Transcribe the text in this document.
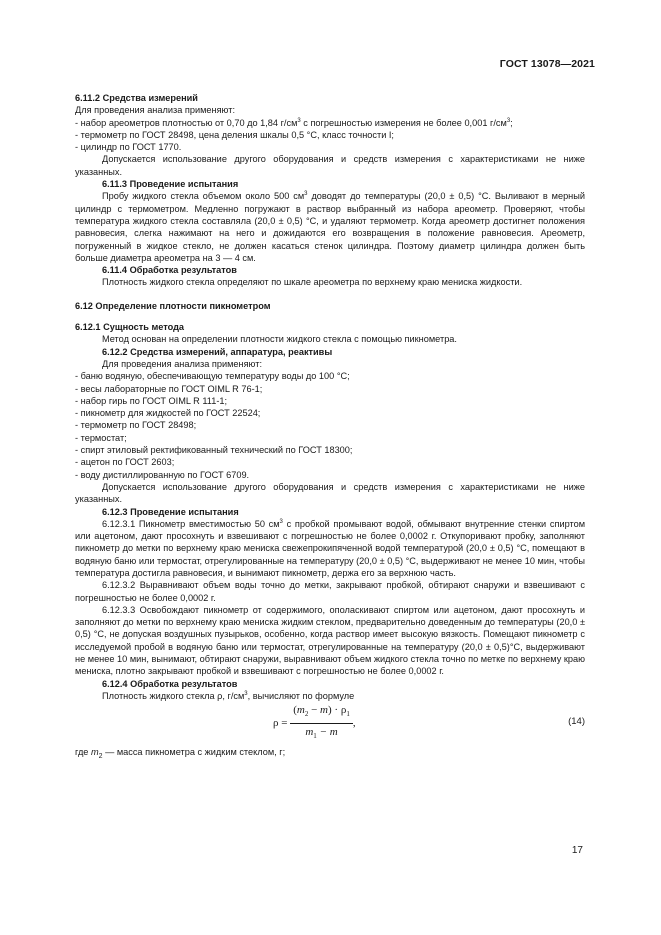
ГОСТ 13078—2021

6.11.2 Средства измерений

Для проведения анализа применяют:

- набор ареометров плотностью от 0,70 до 1,84 $г/см^3$ с погрешностью измерения не более 0,001 $г/см^3$;

- термометр по ГОСТ 28498, цена деления шкалы 0,5 °С, класс точности I;

- цилиндр по ГОСТ 1770.

Допускается использование другого оборудования и средств измерения с характеристиками не ниже указанных.

6.11.3 Проведение испытания

Пробу жидкого стекла объемом около 500 $см^3$ доводят до температуры (20,0 ± 0,5) °С. Выливают в мерный цилиндр с термометром. Медленно погружают в раствор выбранный из набора ареометр. Проверяют, чтобы температура жидкого стекла составляла (20,0 ± 0,5) °С, и удаляют термометр. Когда ареометр достигнет положения равновесия, слегка нажимают на него и дожидаются его возвращения в положение равновесия. Ареометр, погруженный в жидкое стекло, не должен касаться стенок цилиндра. Поэтому диаметр цилиндра должен быть больше диаметра ареометра на 3 — 4 см.

6.11.4 Обработка результатов

Плотность жидкого стекла определяют по шкале ареометра по верхнему краю мениска жидкости.

6.12 Определение плотности пикнометром

6.12.1 Сущность метода

Метод основан на определении плотности жидкого стекла с помощью пикнометра.

6.12.2 Средства измерений, аппаратура, реактивы

Для проведения анализа применяют:

- баню водяную, обеспечивающую температуру воды до 100 °С;

- весы лабораторные по ГОСТ OIML R 76-1;

- набор гирь по ГОСТ OIML R 111-1;

- пикнометр для жидкостей по ГОСТ 22524;

- термометр по ГОСТ 28498;

- термостат;

- спирт этиловый ректификованный технический по ГОСТ 18300;

- ацетон по ГОСТ 2603;

- воду дистиллированную по ГОСТ 6709.

Допускается использование другого оборудования и средств измерения с характеристиками не ниже указанных.

6.12.3 Проведение испытания

6.12.3.1 Пикнометр вместимостью 50 $см^3$ с пробкой промывают водой, обмывают внутренние стенки спиртом или ацетоном, дают просохнуть и взвешивают с погрешностью не более 0,0002 г. Откупоривают пробку, заполняют пикнометр до метки по верхнему краю мениска свежепрокипяченной водой температурой (20,0 ± 0,5) °С, помещают в водяную баню или термостат, отрегулированные на температуру (20,0 ± 0,5) °С, выдерживают не менее 10 мин, чтобы температура достигла равновесия, и вынимают пикнометр, держа его за верхнюю часть.

6.12.3.2 Выравнивают объем воды точно до метки, закрывают пробкой, обтирают снаружи и взвешивают с погрешностью не более 0,0002 г.

6.12.3.3 Освобождают пикнометр от содержимого, ополаскивают спиртом или ацетоном, дают просохнуть и заполняют до метки по верхнему краю мениска жидким стеклом, предварительно доведенным до температуры (20,0 ± 0,5) °С, не допуская воздушных пузырьков, особенно, когда раствор имеет высокую вязкость. Помещают пикнометр с исследуемой пробой в водяную баню или термостат, отрегулированные на температуру (20,0 ± 0,5)°С, выдерживают не менее 10 мин, вынимают, обтирают снаружи, выравнивают объем жидкого стекла точно по метке по верхнему краю мениска, плотно закрывают пробкой и взвешивают с погрешностью не более 0,0002 г.

6.12.4 Обработка результатов

Плотность жидкого стекла ρ, $г/см^3$, вычисляют по формуле

$\rho = \frac{(m_2 - m) \cdot \rho_1}{m_1 - m}$ ,	(14)

где $m_2$ — масса пикнометра с жидким стеклом, г;

17
